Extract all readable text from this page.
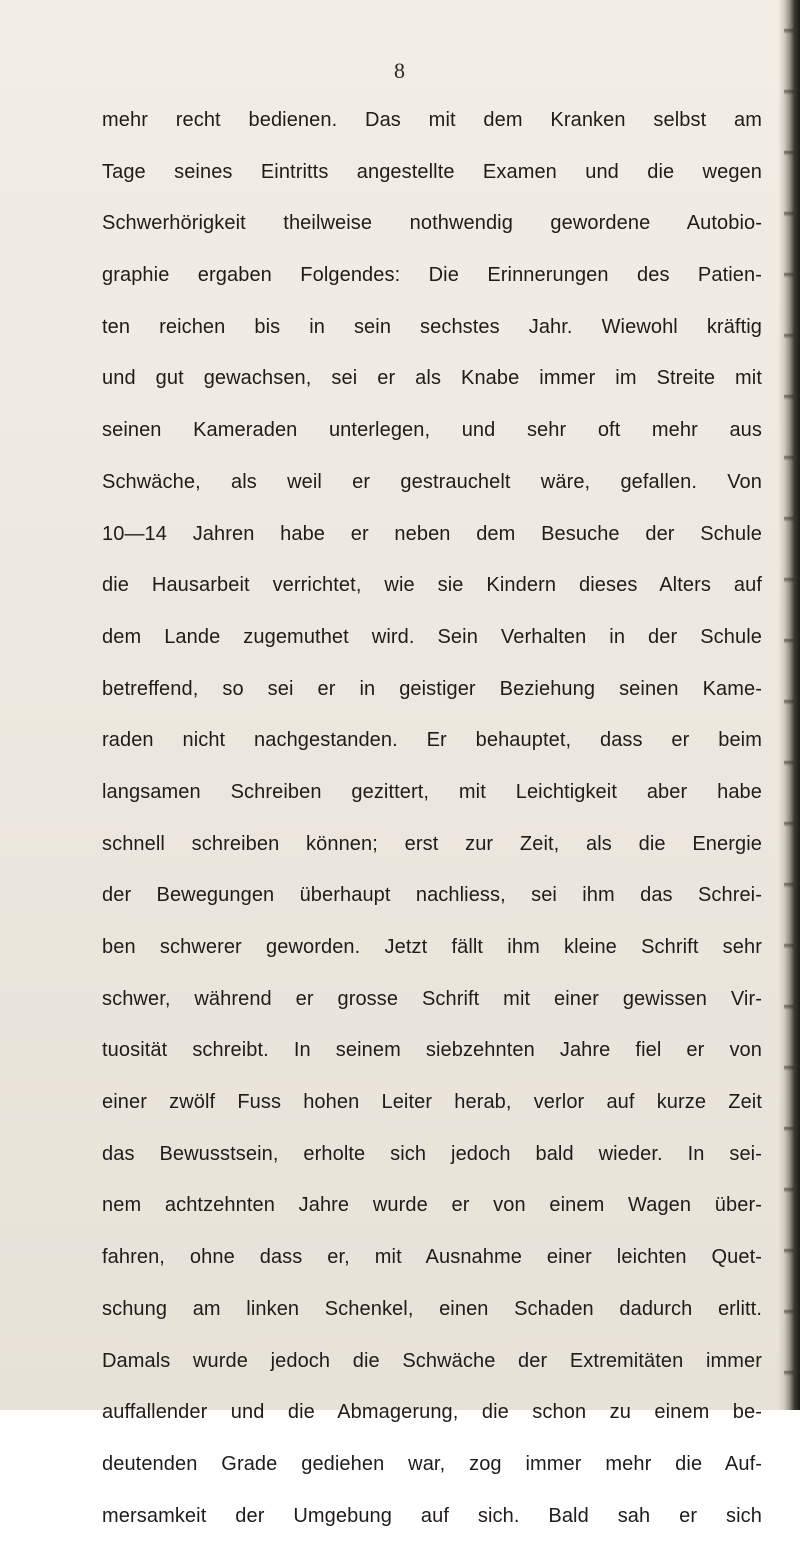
8
mehr recht bedienen. Das mit dem Kranken selbst am
Tage seines Eintritts angestellte Examen und die wegen
Schwerhörigkeit theilweise nothwendig gewordene Autobio-
graphie ergaben Folgendes: Die Erinnerungen des Patien-
ten reichen bis in sein sechstes Jahr. Wiewohl kräftig
und gut gewachsen, sei er als Knabe immer im Streite mit
seinen Kameraden unterlegen, und sehr oft mehr aus
Schwäche, als weil er gestrauchelt wäre, gefallen. Von
10—14 Jahren habe er neben dem Besuche der Schule
die Hausarbeit verrichtet, wie sie Kindern dieses Alters auf
dem Lande zugemuthet wird. Sein Verhalten in der Schule
betreffend, so sei er in geistiger Beziehung seinen Kame-
raden nicht nachgestanden. Er behauptet, dass er beim
langsamen Schreiben gezittert, mit Leichtigkeit aber habe
schnell schreiben können; erst zur Zeit, als die Energie
der Bewegungen überhaupt nachliess, sei ihm das Schrei-
ben schwerer geworden. Jetzt fällt ihm kleine Schrift sehr
schwer, während er grosse Schrift mit einer gewissen Vir-
tuosität schreibt. In seinem siebzehnten Jahre fiel er von
einer zwölf Fuss hohen Leiter herab, verlor auf kurze Zeit
das Bewusstsein, erholte sich jedoch bald wieder. In sei-
nem achtzehnten Jahre wurde er von einem Wagen über-
fahren, ohne dass er, mit Ausnahme einer leichten Quet-
schung am linken Schenkel, einen Schaden dadurch erlitt.
Damals wurde jedoch die Schwäche der Extremitäten immer
auffallender und die Abmagerung, die schon zu einem be-
deutenden Grade gediehen war, zog immer mehr die Auf-
mersamkeit der Umgebung auf sich. Bald sah er sich
